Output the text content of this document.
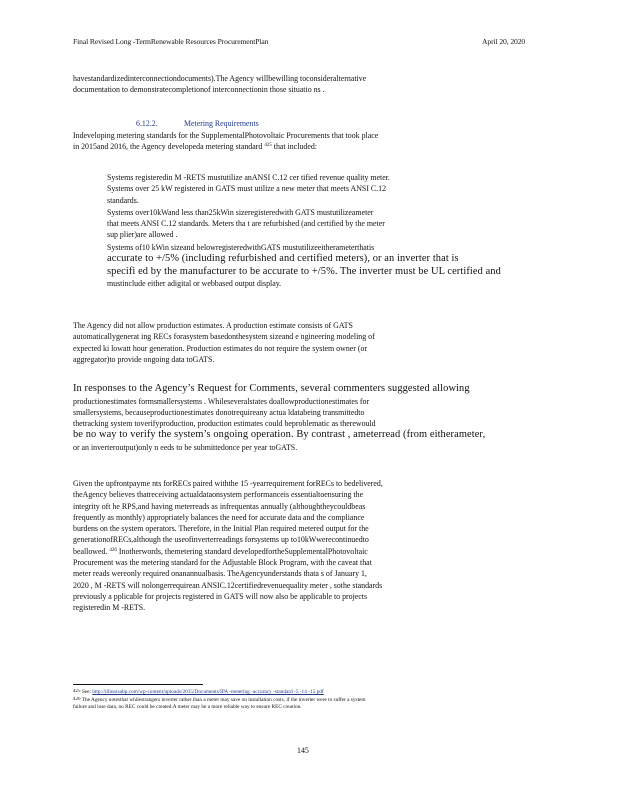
Final Revised Long -TermRenewable Resources ProcurementPlan	April 20, 2020
havestandardizedinterconnectiondocuments).The Agency willbewilling toconsideralternative
documentation to demonstratecompletionof interconnectionin those situatio ns .
6.12.2.	Metering Requirements
Indeveloping metering standards for the SupplementalPhotovoltaic Procurements that took place
in 2015and 2016, the Agency developeda metering standard $^{425}$ that included:
Systems registeredin M -RETS mustutilize anANSI C.12 cer tified revenue quality meter.
Systems over 25 kW registered in GATS must utilize a new meter that meets ANSI C.12
standards.
Systems over10kWand less than25kWin sizeregisteredwith GATS mustutilizeameter
that meets ANSI C.12 standards. Meters tha t are refurbished (and certified by the meter
sup plier)are allowed .
Systems of10 kWin sizeand belowregisteredwithGATS mustutilizeeitherameterthatis
accurate to +/5% (including refurbished and certified meters), or an inverter that is
specifi ed by the manufacturer to be accurate to +/5%. The inverter must be UL certified and
mustinclude either adigital or webbased output display.
The Agency did not allow production estimates. A production estimate consists of GATS
automaticallygenerat ing RECs forasystem basedonthesystem sizeand e ngineering modeling of
expected ki lowatt hour generation. Production estimates do not require the system owner (or
aggregator)to provide ongoing data toGATS.
In responses to the Agency’s Request for Comments, several commenters suggested allowing
productionestimates formsmallersystems . Whileseveralstates doallowproductionestimates for
smallersystems, becauseproductionestimates donotrequireany actua ldatabeing transmittedto
thetracking system toverifyproduction, production estimates could beproblematic as therewould
be no way to verify the system’s ongoing operation. By contrast , ameterread (from eitherameter,
or an inverteroutput)only n eeds to be submittedonce per year toGATS.
Given the upfrontpayme nts forRECs paired withthe 15 -yearrequirement forRECs to bedelivered,
theAgency believes thatreceiving actualdataonsystem performanceis essentialtoensuring the
integrity oft he RPS,and having meterreads as infrequentas annually (althoughtheycouldbeas
frequently as monthly) appropriately balances the need for accurate data and the compliance
burdens on the system operators. Therefore, in the Initial Plan required metered output for the
generationofRECs,although the useofinverterreadings forsystems up to10kWwerecontinuedto
beallowed. $^{426}$ Inotherwords, themetering standard developedfortheSupplementalPhotovoltaic
Procurement was the metering standard for the Adjustable Block Program, with the caveat that
meter reads wereonly required onanannualbasis. TheAgencyunderstands thata s of January 1,
2020 , M -RETS will nolongerrequirean ANSIC.12certifiedrevenuequality meter , sothe standards
previously a pplicable for projects registered in GATS will now also be applicable to projects
registeredin M -RETS.
$^{425}$ See: http://illinoisabp.com/wp-content/uploads/2015/Documents/IPA -metering -accuracy -standard -5 -14 -15.pdf
$^{426}$ The Agency notesthat whilestrangers inverter rather than a meter may save on installation costs, if the inverter were to suffer a system
failure and lose data, no REC could be created.A meter may be a more reliable way to ensure REC creation.
145
